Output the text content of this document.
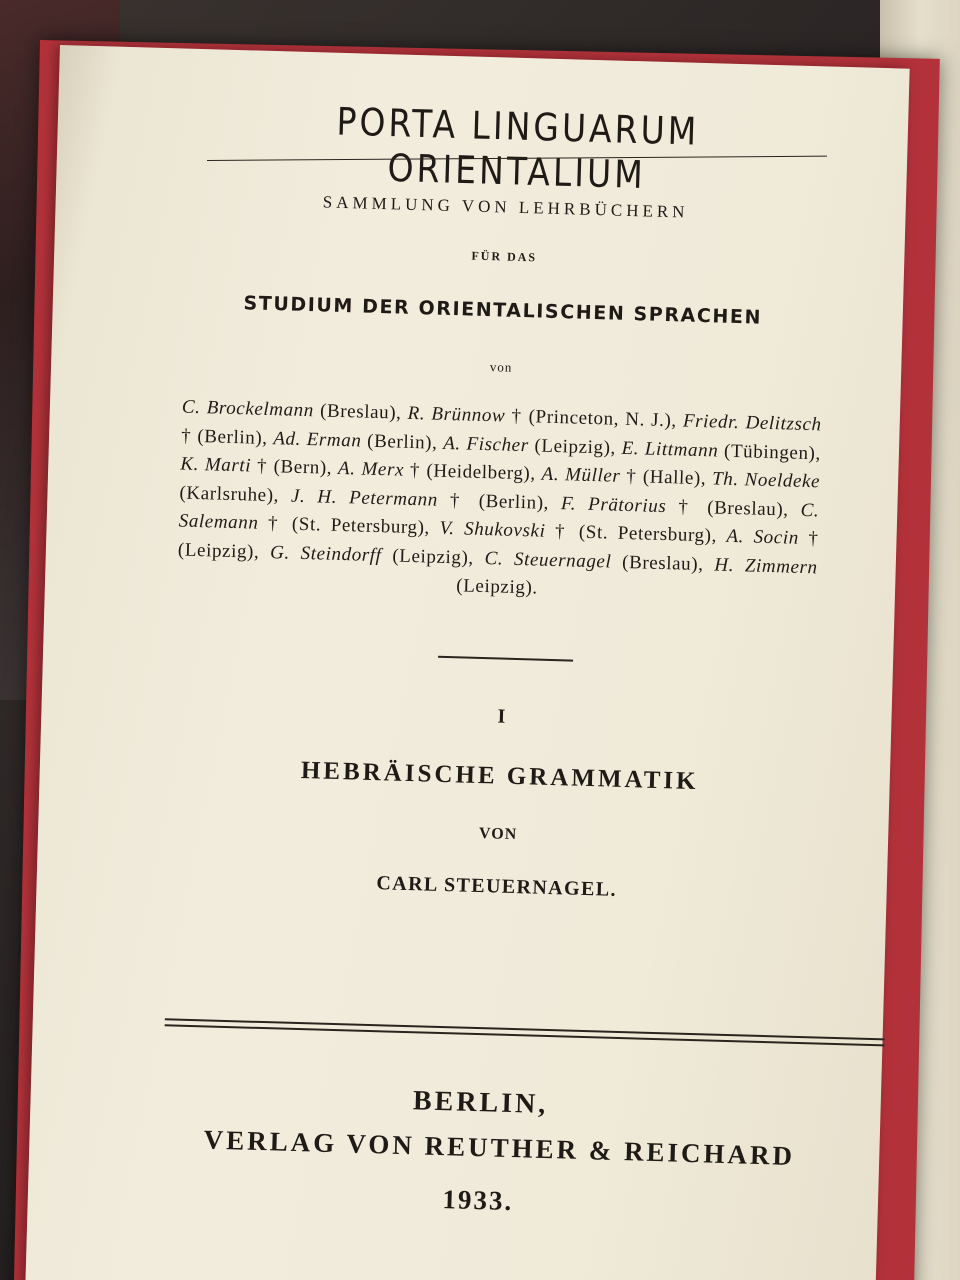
PORTA LINGUARUM ORIENTALIUM
SAMMLUNG VON LEHRBÜCHERN
FÜR DAS
STUDIUM DER ORIENTALISCHEN SPRACHEN
von
C. Brockelmann (Breslau), R. Brünnow † (Princeton, N. J.), Friedr. Delitzsch † (Berlin), Ad. Erman (Berlin), A. Fischer (Leipzig), E. Littmann (Tübingen), K. Marti † (Bern), A. Merx † (Heidelberg), A. Müller † (Halle), Th. Noeldeke (Karlsruhe), J. H. Petermann † (Berlin), F. Prätorius † (Breslau), C. Salemann † (St. Petersburg), V. Shukovski † (St. Petersburg), A. Socin † (Leipzig), G. Steindorff (Leipzig), C. Steuernagel (Breslau), H. Zimmern (Leipzig).
I
HEBRÄISCHE GRAMMATIK
VON
CARL STEUERNAGEL.
BERLIN,
VERLAG VON REUTHER & REICHARD
1933.
